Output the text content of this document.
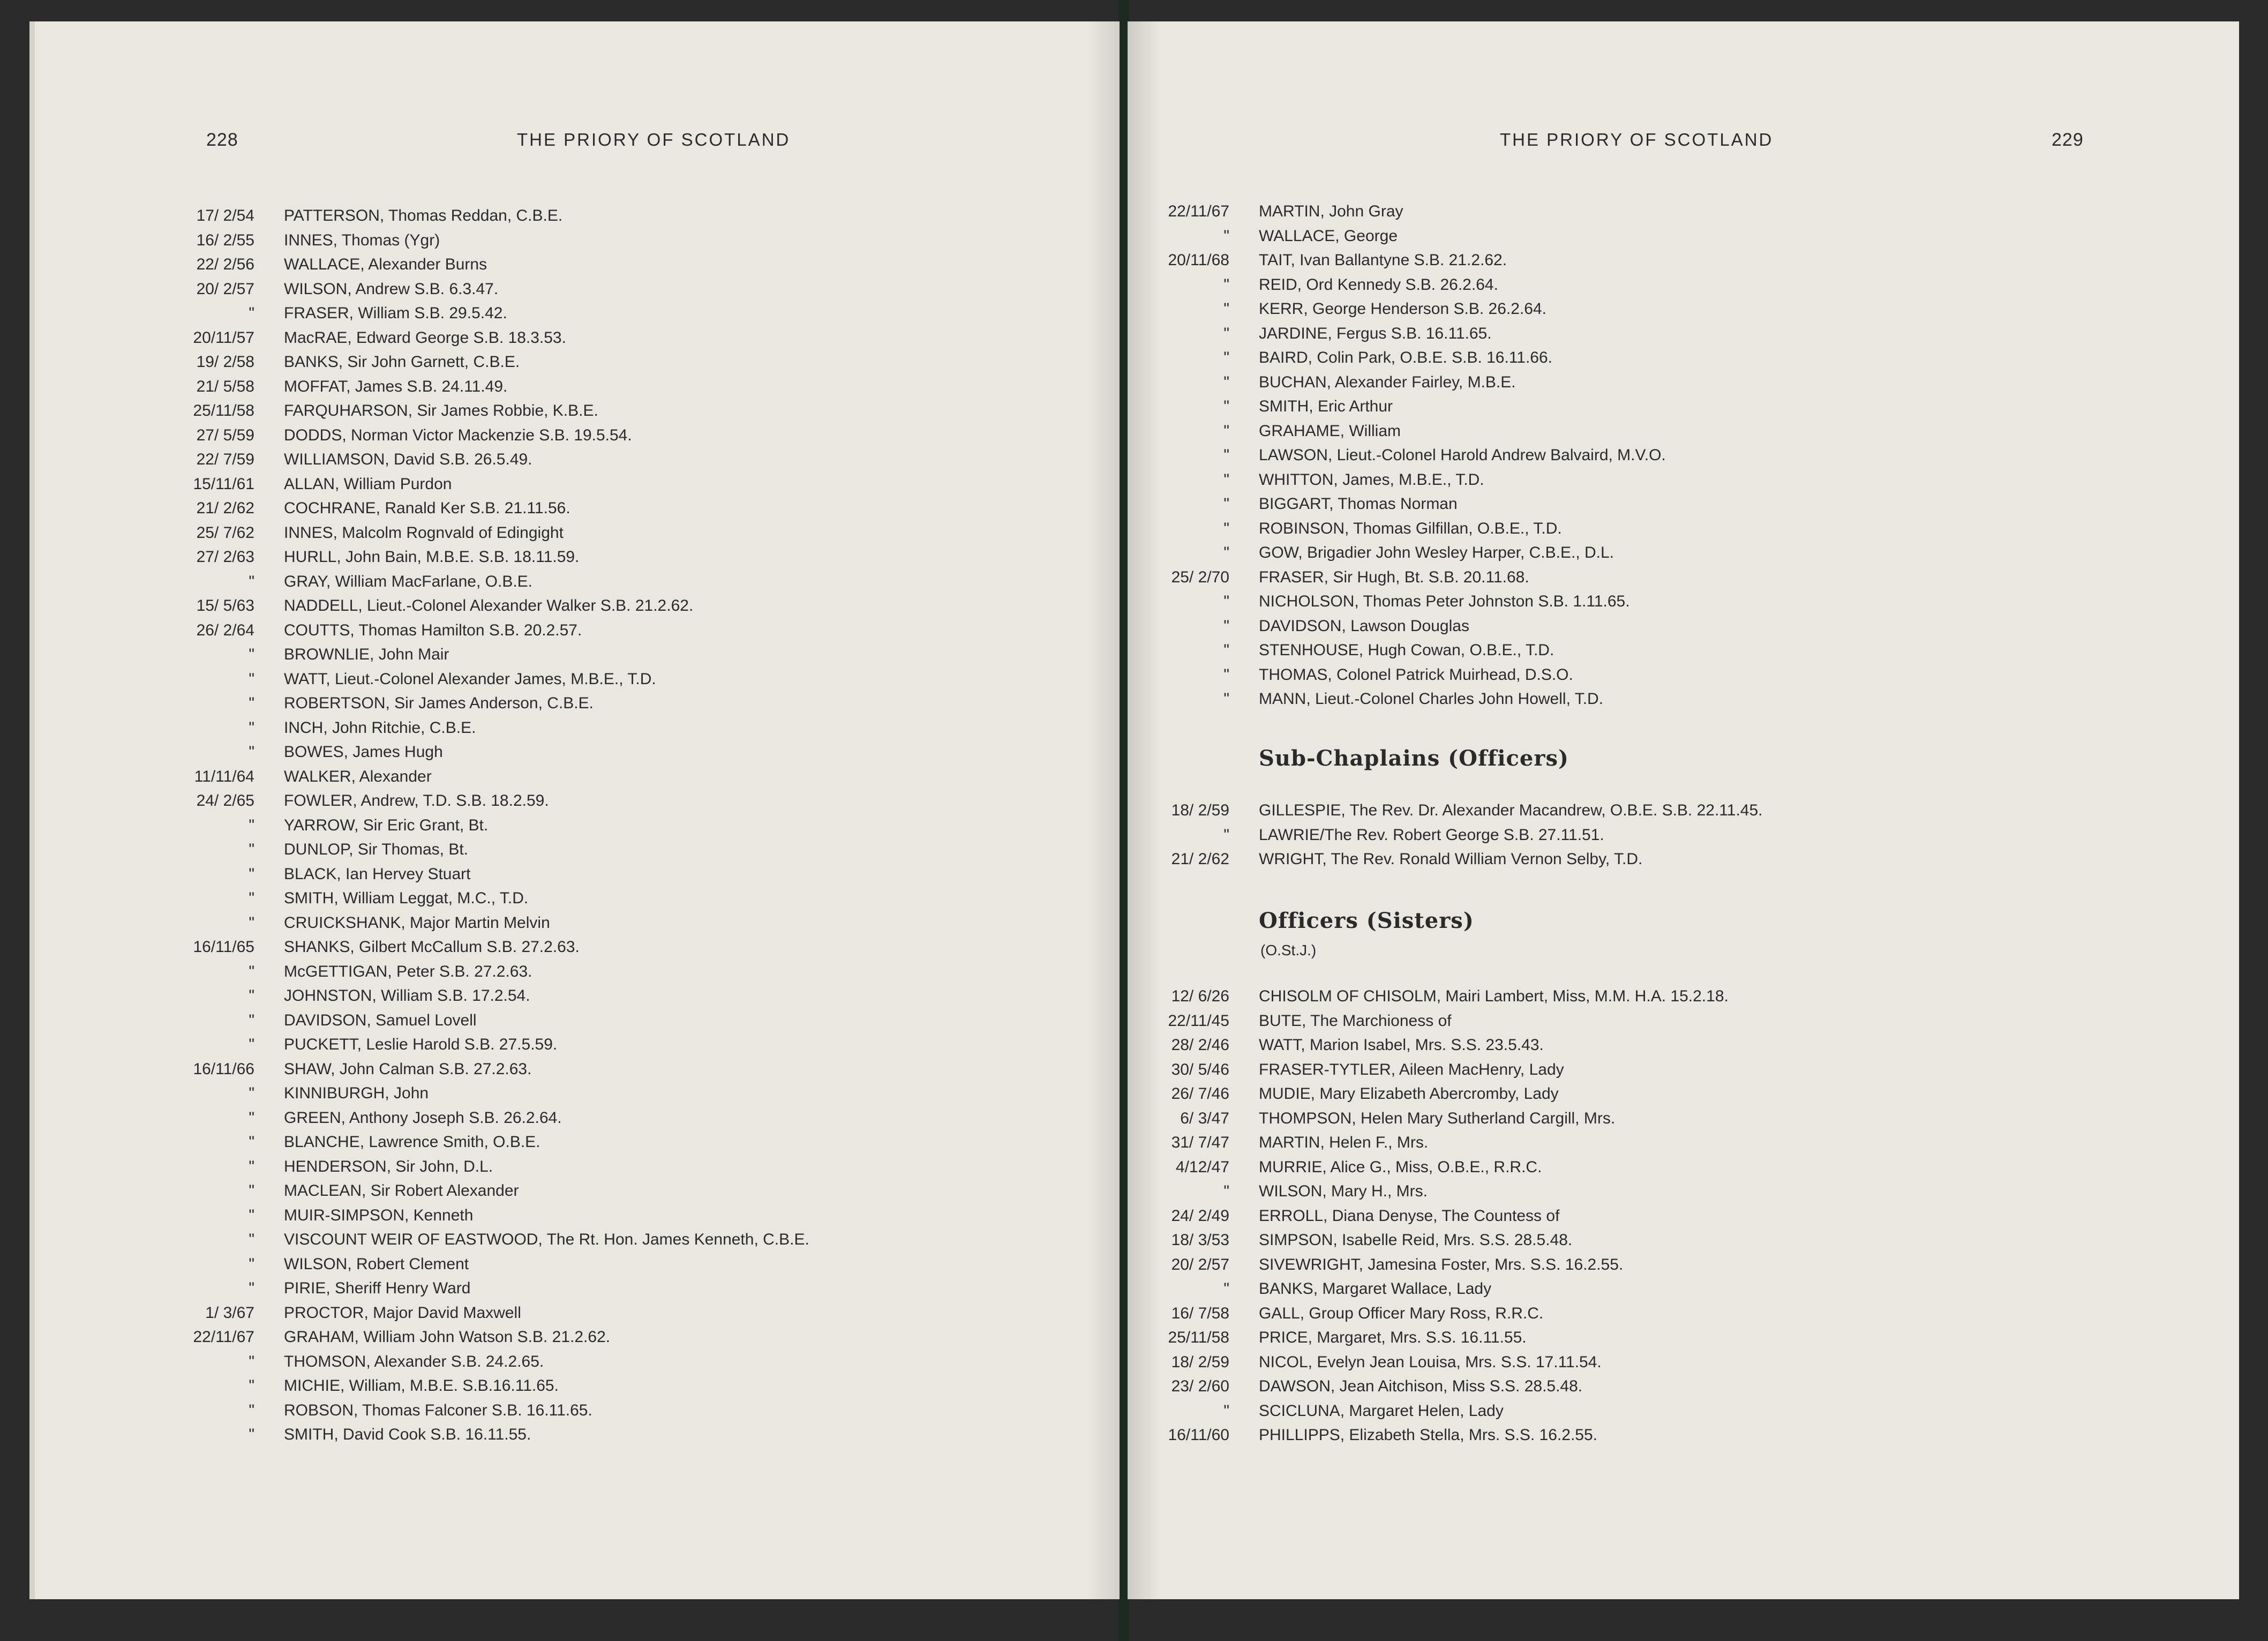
228	THE PRIORY OF SCOTLAND
17/ 2/54 PATTERSON, Thomas Reddan, C.B.E.
16/ 2/55 INNES, Thomas (Ygr)
22/ 2/56 WALLACE, Alexander Burns
20/ 2/57 WILSON, Andrew S.B. 6.3.47.
" FRASER, William S.B. 29.5.42.
20/11/57 MacRAE, Edward George S.B. 18.3.53.
19/ 2/58 BANKS, Sir John Garnett, C.B.E.
21/ 5/58 MOFFAT, James S.B. 24.11.49.
25/11/58 FARQUHARSON, Sir James Robbie, K.B.E.
27/ 5/59 DODDS, Norman Victor Mackenzie S.B. 19.5.54.
22/ 7/59 WILLIAMSON, David S.B. 26.5.49.
15/11/61 ALLAN, William Purdon
21/ 2/62 COCHRANE, Ranald Ker S.B. 21.11.56.
25/ 7/62 INNES, Malcolm Rognvald of Edingight
27/ 2/63 HURLL, John Bain, M.B.E. S.B. 18.11.59.
" GRAY, William MacFarlane, O.B.E.
15/ 5/63 NADDELL, Lieut.-Colonel Alexander Walker S.B. 21.2.62.
26/ 2/64 COUTTS, Thomas Hamilton S.B. 20.2.57.
" BROWNLIE, John Mair
" WATT, Lieut.-Colonel Alexander James, M.B.E., T.D.
" ROBERTSON, Sir James Anderson, C.B.E.
" INCH, John Ritchie, C.B.E.
" BOWES, James Hugh
11/11/64 WALKER, Alexander
24/ 2/65 FOWLER, Andrew, T.D. S.B. 18.2.59.
" YARROW, Sir Eric Grant, Bt.
" DUNLOP, Sir Thomas, Bt.
" BLACK, Ian Hervey Stuart
" SMITH, William Leggat, M.C., T.D.
" CRUICKSHANK, Major Martin Melvin
16/11/65 SHANKS, Gilbert McCallum S.B. 27.2.63.
" McGETTIGAN, Peter S.B. 27.2.63.
" JOHNSTON, William S.B. 17.2.54.
" DAVIDSON, Samuel Lovell
" PUCKETT, Leslie Harold S.B. 27.5.59.
16/11/66 SHAW, John Calman S.B. 27.2.63.
" KINNIBURGH, John
" GREEN, Anthony Joseph S.B. 26.2.64.
" BLANCHE, Lawrence Smith, O.B.E.
" HENDERSON, Sir John, D.L.
" MACLEAN, Sir Robert Alexander
" MUIR-SIMPSON, Kenneth
" VISCOUNT WEIR OF EASTWOOD, The Rt. Hon. James Kenneth, C.B.E.
" WILSON, Robert Clement
" PIRIE, Sheriff Henry Ward
1/ 3/67 PROCTOR, Major David Maxwell
22/11/67 GRAHAM, William John Watson S.B. 21.2.62.
" THOMSON, Alexander S.B. 24.2.65.
" MICHIE, William, M.B.E. S.B.16.11.65.
" ROBSON, Thomas Falconer S.B. 16.11.65.
" SMITH, David Cook S.B. 16.11.55.
THE PRIORY OF SCOTLAND	229
22/11/67 MARTIN, John Gray
" WALLACE, George
20/11/68 TAIT, Ivan Ballantyne S.B. 21.2.62.
" REID, Ord Kennedy S.B. 26.2.64.
" KERR, George Henderson S.B. 26.2.64.
" JARDINE, Fergus S.B. 16.11.65.
" BAIRD, Colin Park, O.B.E. S.B. 16.11.66.
" BUCHAN, Alexander Fairley, M.B.E.
" SMITH, Eric Arthur
" GRAHAME, William
" LAWSON, Lieut.-Colonel Harold Andrew Balvaird, M.V.O.
" WHITTON, James, M.B.E., T.D.
" BIGGART, Thomas Norman
" ROBINSON, Thomas Gilfillan, O.B.E., T.D.
" GOW, Brigadier John Wesley Harper, C.B.E., D.L.
25/ 2/70 FRASER, Sir Hugh, Bt. S.B. 20.11.68.
" NICHOLSON, Thomas Peter Johnston S.B. 1.11.65.
" DAVIDSON, Lawson Douglas
" STENHOUSE, Hugh Cowan, O.B.E., T.D.
" THOMAS, Colonel Patrick Muirhead, D.S.O.
" MANN, Lieut.-Colonel Charles John Howell, T.D.
Sub-Chaplains (Officers)
18/ 2/59 GILLESPIE, The Rev. Dr. Alexander Macandrew, O.B.E. S.B. 22.11.45.
" LAWRIE/The Rev. Robert George S.B. 27.11.51.
21/ 2/62 WRIGHT, The Rev. Ronald William Vernon Selby, T.D.
Officers (Sisters)
(O.St.J.)
12/ 6/26 CHISOLM OF CHISOLM, Mairi Lambert, Miss, M.M. H.A. 15.2.18.
22/11/45 BUTE, The Marchioness of
28/ 2/46 WATT, Marion Isabel, Mrs. S.S. 23.5.43.
30/ 5/46 FRASER-TYTLER, Aileen MacHenry, Lady
26/ 7/46 MUDIE, Mary Elizabeth Abercromby, Lady
6/ 3/47 THOMPSON, Helen Mary Sutherland Cargill, Mrs.
31/ 7/47 MARTIN, Helen F., Mrs.
4/12/47 MURRIE, Alice G., Miss, O.B.E., R.R.C.
" WILSON, Mary H., Mrs.
24/ 2/49 ERROLL, Diana Denyse, The Countess of
18/ 3/53 SIMPSON, Isabelle Reid, Mrs. S.S. 28.5.48.
20/ 2/57 SIVEWRIGHT, Jamesina Foster, Mrs. S.S. 16.2.55.
" BANKS, Margaret Wallace, Lady
16/ 7/58 GALL, Group Officer Mary Ross, R.R.C.
25/11/58 PRICE, Margaret, Mrs. S.S. 16.11.55.
18/ 2/59 NICOL, Evelyn Jean Louisa, Mrs. S.S. 17.11.54.
23/ 2/60 DAWSON, Jean Aitchison, Miss S.S. 28.5.48.
" SCICLUNA, Margaret Helen, Lady
16/11/60 PHILLIPPS, Elizabeth Stella, Mrs. S.S. 16.2.55.
